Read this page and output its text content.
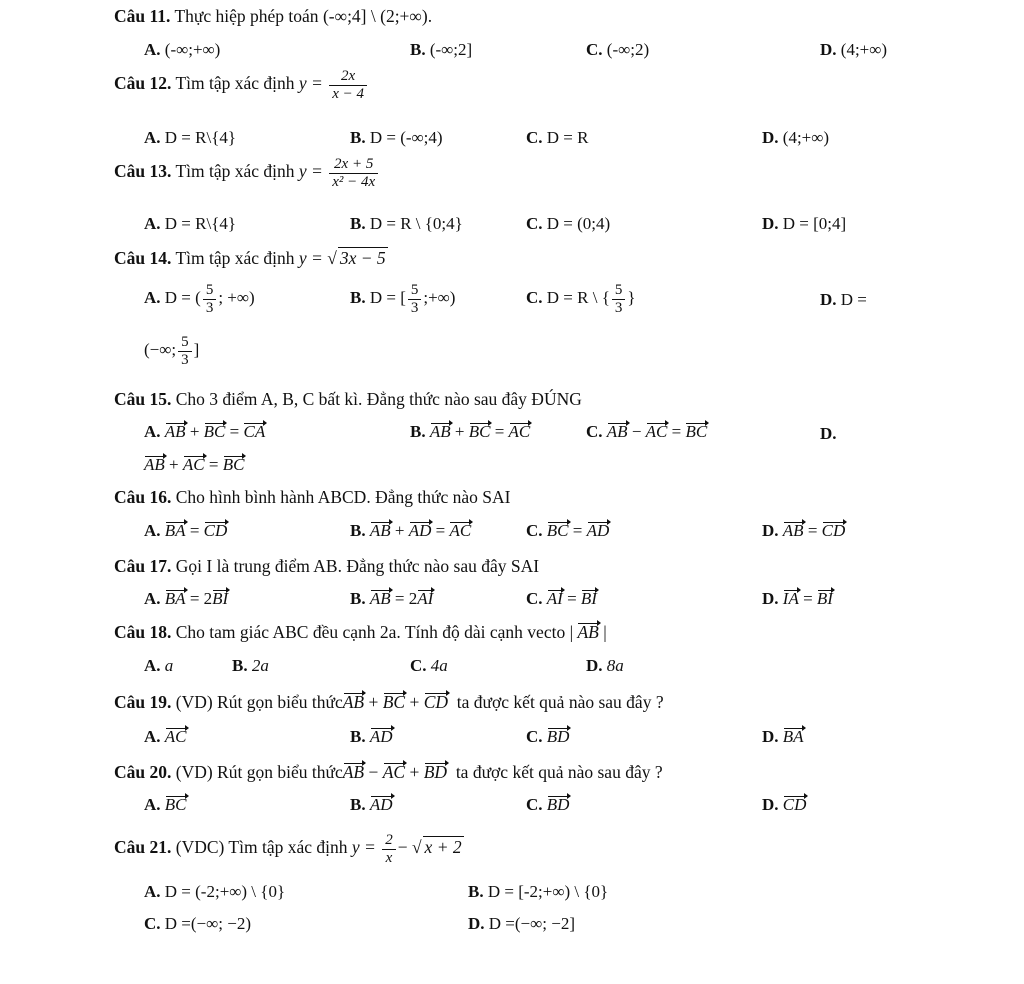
Câu 11. Thực hiệp phép toán (-∞;4] \ (2;+∞).
A. (-∞;+∞)	B. (-∞;2]	C. (-∞;2)	D. (4;+∞)
Câu 12. Tìm tập xác định $y = \frac{2x}{x - 4}$
A. D = R\{4}	B. D = (-∞;4)	C. D = R	D. (4;+∞)
Câu 13. Tìm tập xác định $y = \frac{2x + 5}{\text{x² − 4x}}$
A. D = R\{4}	B. D = R \ {0;4}	C. D = (0;4)	D. D = [0;4]
Câu 14. Tìm tập xác định y = √ 3x − 5
A. D = ( $\frac{5}{3}$ ; +∞)	B. D = [ $\frac{5}{3}$ ;+∞)	C. D = R \ { $\frac{5}{3}$ }	D. D =
(−∞; $\frac{5}{3}$ ]
Câu 15. Cho 3 điểm A, B, C bất kì. Đẳng thức nào sau đây ĐÚNG
A. AB + BC = CA	B. AB + BC = AC	C. AB − AC = BC	D.
AB + AC = BC
Câu 16. Cho hình bình hành ABCD. Đẳng thức nào SAI
A. BA = CD	B. AB + AD = AC	C. BC = AD	D. AB = CD
Câu 17. Gọi I là trung điểm AB. Đẳng thức nào sau đây SAI
A. BA = 2BI	B. AB = 2AI	C. AI = BI	D. IA = BI
Câu 18. Cho tam giác ABC đều cạnh 2a. Tính độ dài cạnh vecto | AB |
A. a	B. 2a	C. 4a	D. 8a
Câu 19. (VD) Rút gọn biểu thứcAB + BC + CD ta được kết quả nào sau đây ?
A. AC	B. AD	C. BD	D. BA
Câu 20. (VD) Rút gọn biểu thứcAB − AC + BD ta được kết quả nào sau đây ?
A. BC	B. AD	C. BD	D. CD
Câu 21. (VDC) Tìm tập xác định $y = \frac{2}{x}$ − √ x + 2
A. D = (-2;+∞) \ {0}	B. D = [-2;+∞) \ {0}
C. D =(−∞; −2)	D. D =(−∞; −2]
